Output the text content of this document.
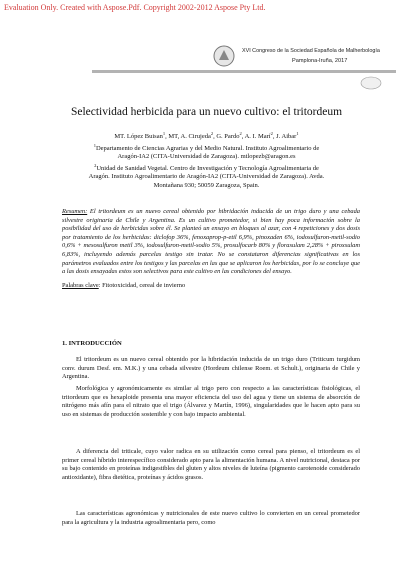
Evaluation Only. Created with Aspose.Pdf. Copyright 2002-2012 Aspose Pty Ltd.
XVI Congreso de la Sociedad Española de Malherbología
Pamplona-Iruña, 2017
Selectividad herbicida para un nuevo cultivo: el tritordeum
MT. López Buisan$^1$, MT, A. Cirujeda$^2$, G. Pardo$^2$, A. I. Marí$^2$, J. Aibar$^1$
$^1$Departamento de Ciencias Agrarias y del Medio Natural. Instituto Agroalimentario de
Aragón-IA2 (CITA-Universidad de Zaragoza). mtlopezb@aragon.es
$^2$Unidad de Sanidad Vegetal. Centro de Investigación y Tecnología Agroalimentaria de
Aragón. Instituto Agroalimentario de Aragón-IA2 (CITA-Universidad de Zaragoza). Avda.
Montañana 930; 50059 Zaragoza, Spain.
Resumen: El tritordeum es un nuevo cereal obtenido por hibridación inducida de un trigo duro y una cebada silvestre originaria de Chile y Argentina. Es un cultivo prometedor, si bien hay poca información sobre la posibilidad del uso de herbicidas sobre él. Se planteó un ensayo en bloques al azar, con 4 repeticiones y dos dosis por tratamiento de los herbicidas: diclofop 36%, fenoxaprop-p-etil 6,9%, pinoxaden 6%, iodosulfuron-metil-sodio 0,6% + mesosulfuron metil 3%, iodosulfuron-metil-sodio 5%, prosulfocarb 80% y florasulam 2,28% + piroxsulam 6,83%, incluyendo además parcelas testigo sin tratar. No se constataron diferencias significativas en los parámetros evaluados entre los testigos y las parcelas en las que se aplicaron los herbicidas, por lo se concluye que a las dosis ensayadas estos son selectivos para este cultivo en las condiciones del ensayo.
Palabras clave: Fitotoxicidad, cereal de invierno
1. INTRODUCCIÓN
El tritordeum es un nuevo cereal obtenido por la hibridación inducida de un trigo duro (Triticum turgidum conv. durum Desf. em. M.K.) y una cebada silvestre (Hordeum chilense Roem. et Schult.), originaria de Chile y Argentina.
Morfológica y agronómicamente es similar al trigo pero con respecto a las características fisiológicas, el tritordeum que es hexaploide presenta una mayor eficiencia del uso del agua y tiene un sistema de absorción de nitrógeno más afín para el nitrato que el trigo (Álvarez y Martín, 1996), singularidades que le hacen apto para su uso en sistemas de producción sostenible y con bajo impacto ambiental.
A diferencia del triticale, cuyo valor radica en su utilización como cereal para pienso, el tritordeum es el primer cereal híbrido interespecífico considerado apto para la alimentación humana. A nivel nutricional, destaca por su bajo contenido en proteínas indigestibles del gluten y altos niveles de luteína (pigmento carotenoide considerado antioxidante), fibra dietética, proteínas y ácidos grasos.
Las características agronómicas y nutricionales de este nuevo cultivo lo convierten en un cereal prometedor para la agricultura y la industria agroalimentaria pero, como
